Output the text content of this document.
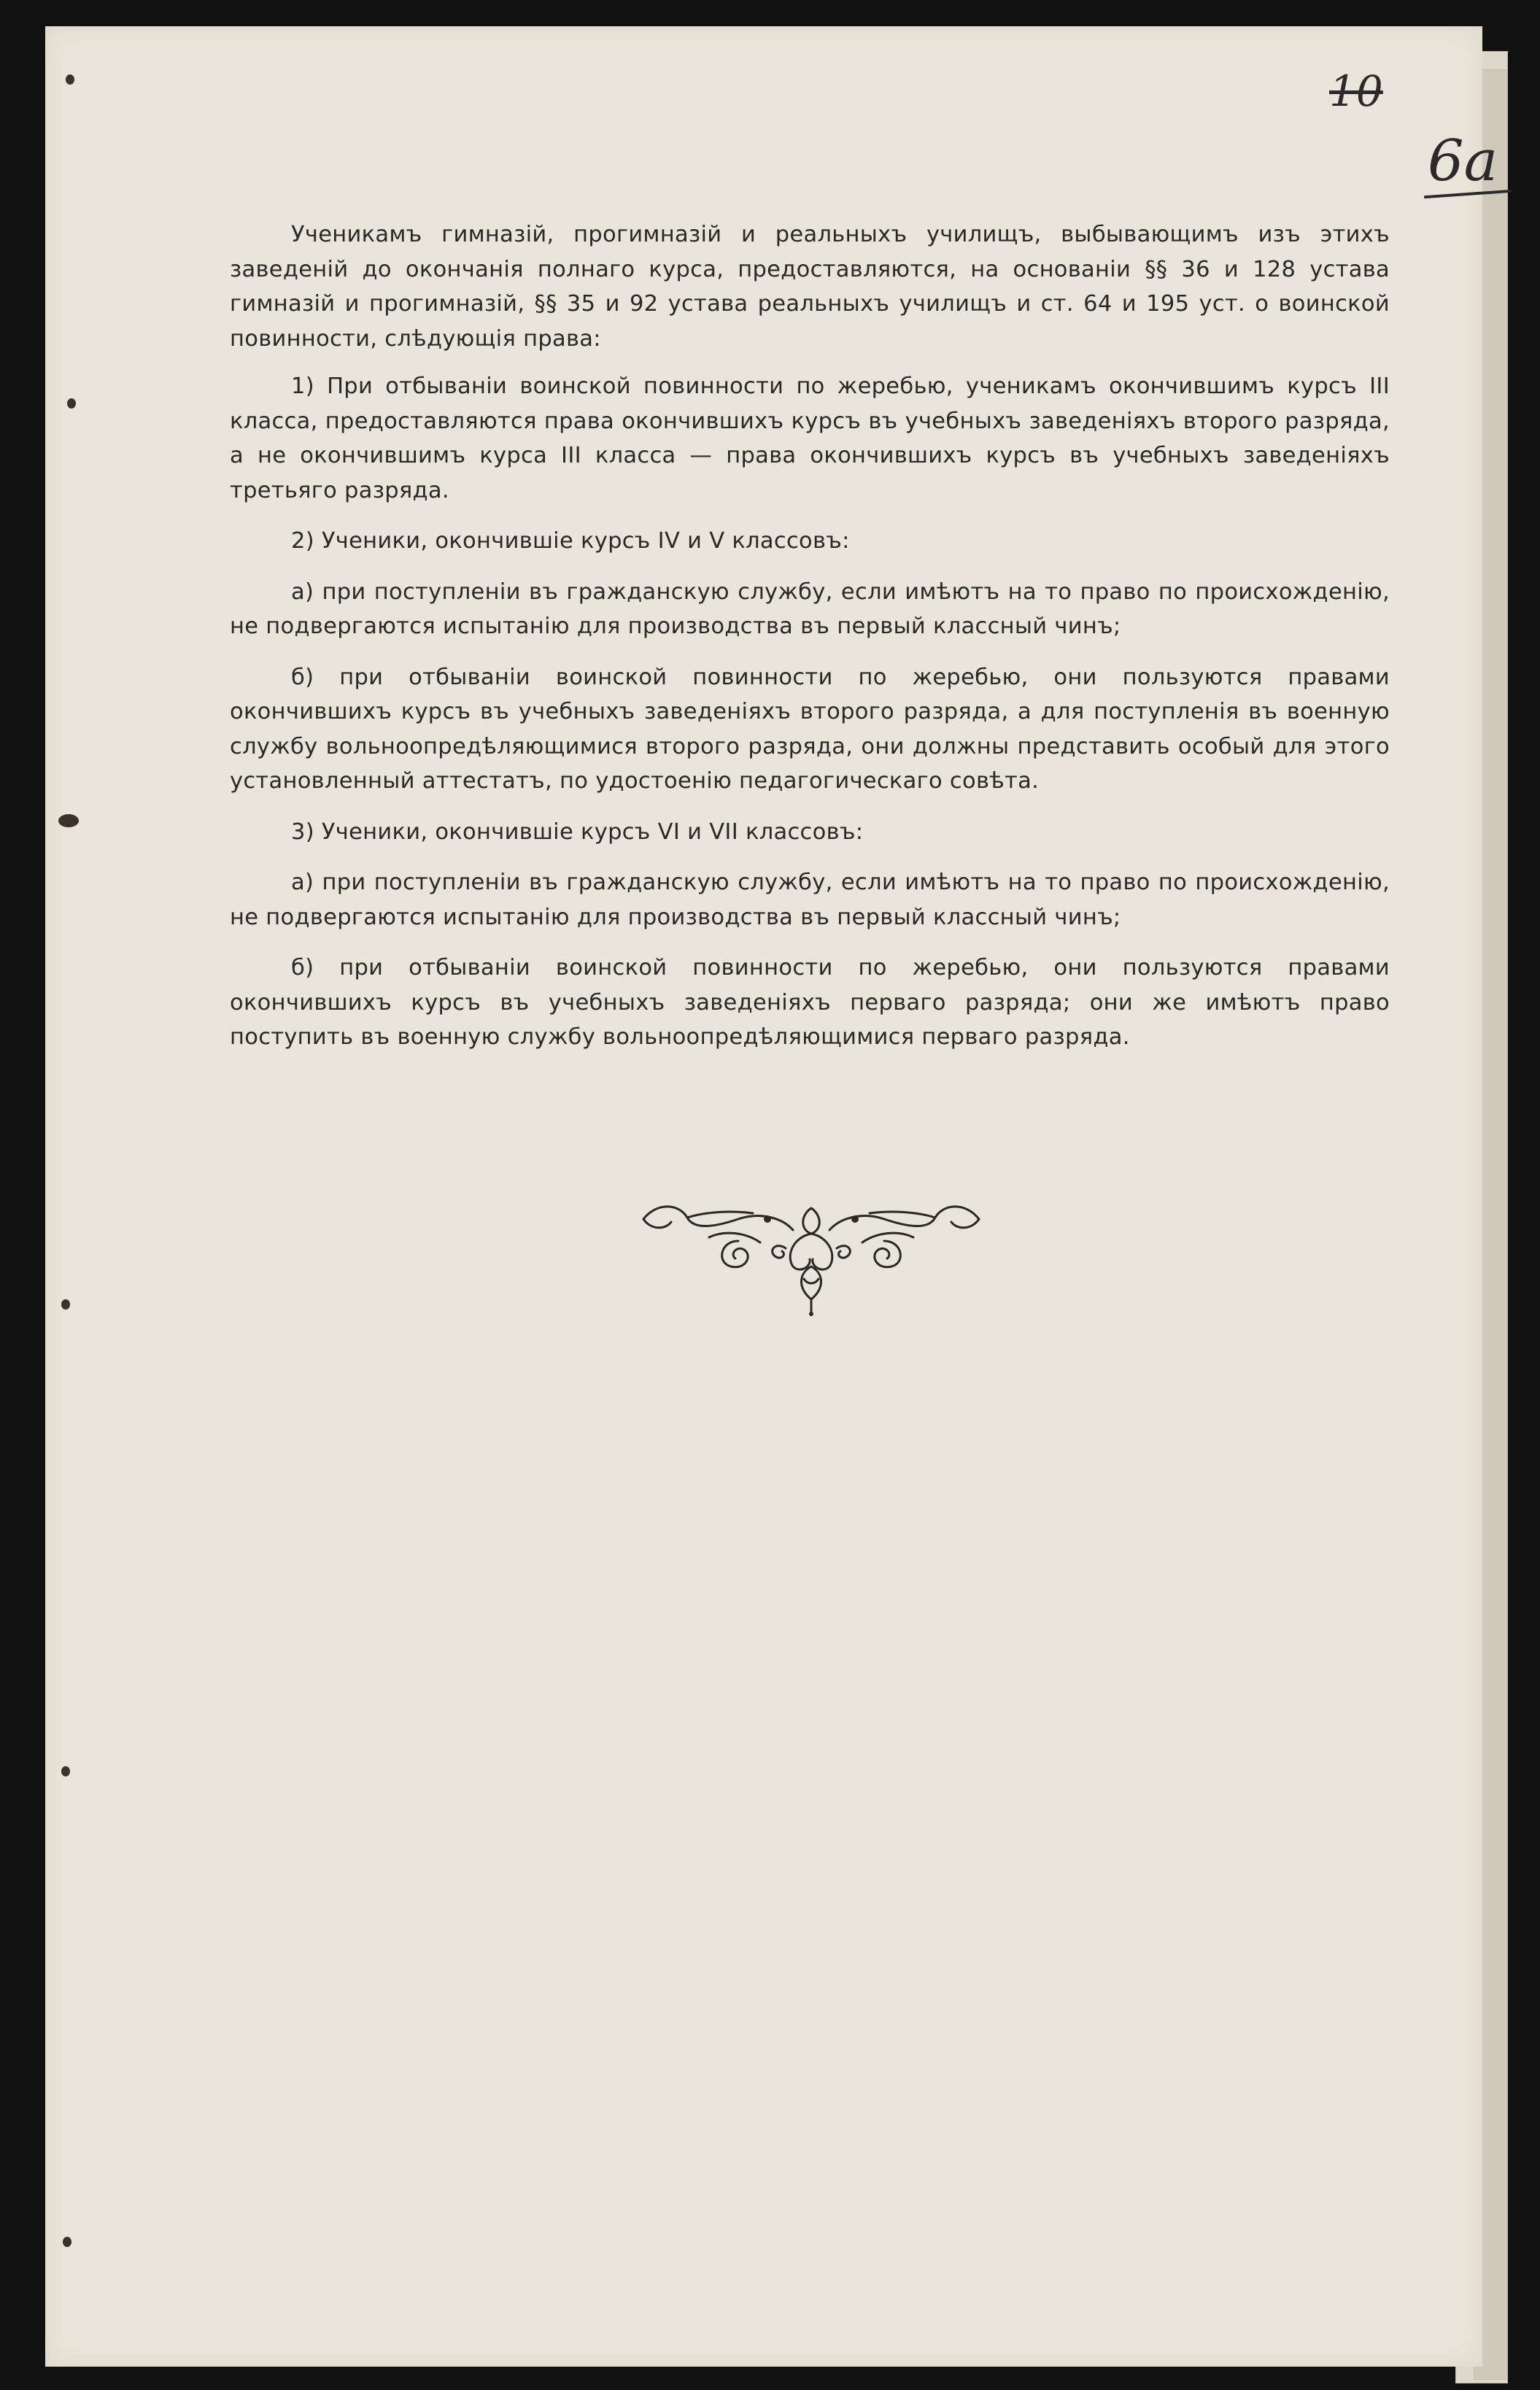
10
6а

Ученикамъ гимназій, прогимназій и реальныхъ училищъ, выбывающимъ изъ этихъ заведеній до окончанія полнаго курса, предоставляются, на основаніи §§ 36 и 128 устава гимназій и прогимназій, §§ 35 и 92 устава реальныхъ училищъ и ст. 64 и 195 уст. о воинской повинности, слѣдующія права:

1) При отбываніи воинской повинности по жеребью, ученикамъ окончившимъ курсъ III класса, предоставляются права окончившихъ курсъ въ учебныхъ заведеніяхъ второго разряда, а не окончившимъ курса III класса — права окончившихъ курсъ въ учебныхъ заведеніяхъ третьяго разряда.

2) Ученики, окончившіе курсъ IV и V классовъ:

а) при поступленіи въ гражданскую службу, если имѣютъ на то право по происхожденію, не подвергаются испытанію для производства въ первый классный чинъ;

б) при отбываніи воинской повинности по жеребью, они пользуются правами окончившихъ курсъ въ учебныхъ заведеніяхъ второго разряда, а для поступленія въ военную службу вольноопредѣляющимися второго разряда, они должны представить особый для этого установленный аттестатъ, по удостоенію педагогическаго совѣта.

3) Ученики, окончившіе курсъ VI и VII классовъ:

а) при поступленіи въ гражданскую службу, если имѣютъ на то право по происхожденію, не подвергаются испытанію для производства въ первый классный чинъ;

б) при отбываніи воинской повинности по жеребью, они пользуются правами окончившихъ курсъ въ учебныхъ заведеніяхъ перваго разряда; они же имѣютъ право поступить въ военную службу вольноопредѣляющимися перваго разряда.
